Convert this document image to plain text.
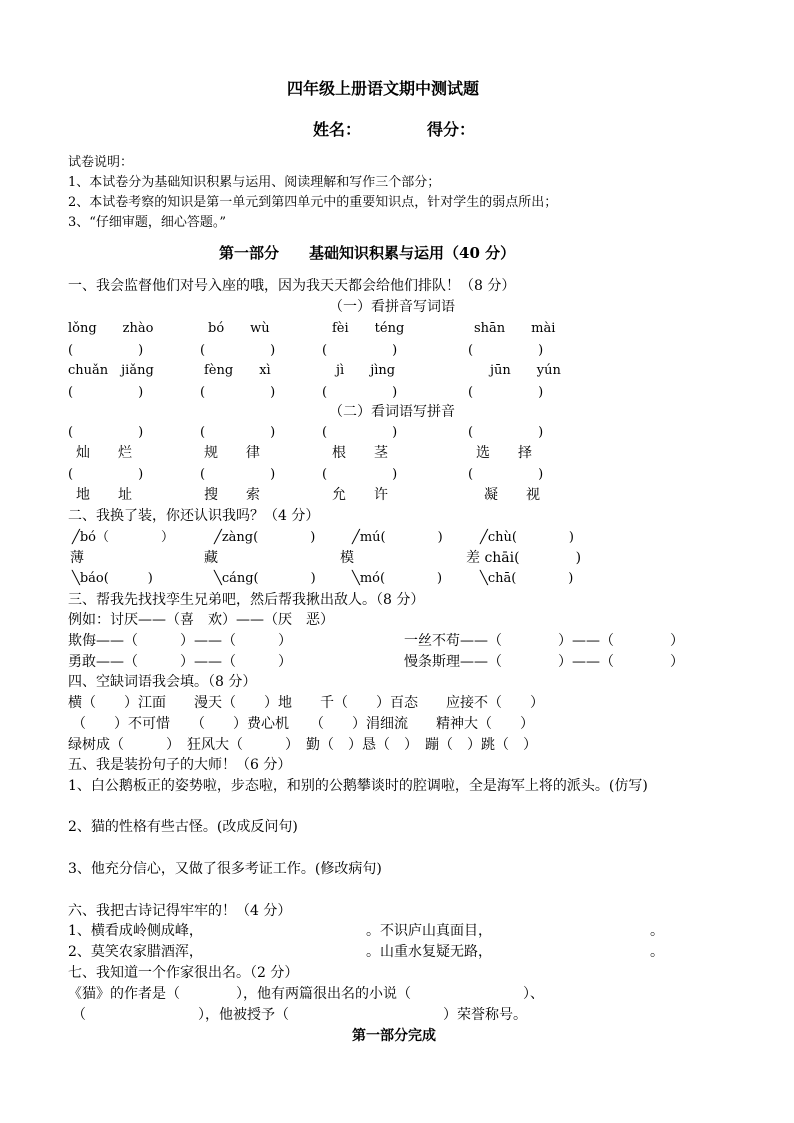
四年级上册语文期中测试题
姓名：	得分：
试卷说明：
1、本试卷分为基础知识积累与运用、阅读理解和写作三个部分；
2、本试卷考察的知识是第一单元到第四单元中的重要知识点，针对学生的弱点所出；
3、“仔细审题，细心答题。”
第一部分　　基础知识积累与运用（40 分）
一、我会监督他们对号入座的哦，因为我天天都会给他们排队！（8 分）
（一）看拼音写词语
lǒng　　zhào	bó　　wù	fèi　　téng	shān　　mài
(　　　　　)	(　　　　　)	(　　　　　)	(　　　　　)
chuǎn　jiǎng	fèng　　xì	jì　　jìng	jūn　　yún
(　　　　　)	(　　　　　)	(　　　　　)	(　　　　　)
（二）看词语写拼音
(　　　　　)	(　　　　　)	(　　　　　)	(　　　　　)
灿　　烂	规　　律	根　　茎	选　　择
(　　　　　)	(　　　　　)	(　　　　　)	(　　　　　)
地　　址	搜　　索	允　　许	凝　　视
二、我换了装，你还认识我吗？（4 分）
╱bó（　　　　）	╱zàng(　　　　)	╱mú(　　　　)	╱chù(　　　　)
薄	藏	模	差 chāi(　　　　)
╲báo(　　　)	╲cáng(　　　　)	╲mó(　　　　)	╲chā(　　　　)
三、帮我先找找孪生兄弟吧，然后帮我揪出敌人。（8 分）
例如：讨厌——（喜　欢）——（厌　恶）
欺侮——（　　　）——（　　　）	一丝不苟——（　　　　）——（　　　　）
勇敢——（　　　）——（　　　）	慢条斯理——（　　　　）——（　　　　）
四、空缺词语我会填。（8 分）
横（　　）江面　　漫天（　　）地　　千（　　）百态　　应接不（　　）
（　　）不可惜　　（　　）费心机　　（　　）涓细流　　精神大（　　）
绿树成（　　　）　狂风大（　　　）　勤（　）恳（　）　蹦（　）跳（　）
五、我是装扮句子的大师！（6 分）
1、白公鹅板正的姿势啦，步态啦，和别的公鹅攀谈时的腔调啦，全是海军上将的派头。(仿写)
2、猫的性格有些古怪。(改成反问句)
3、他充分信心，又做了很多考证工作。(修改病句)
六、我把古诗记得牢牢的！（4 分）
1、横看成岭侧成峰，	。不识庐山真面目，	。
2、莫笑农家腊酒浑，	。山重水复疑无路，	。
七、我知道一个作家很出名。（2 分）
《猫》的作者是（　　　　），他有两篇很出名的小说（　　　　　　　　）、
（　　　　　　　　），他被授予（　　　　　　　　　　　）荣誉称号。
第一部分完成
